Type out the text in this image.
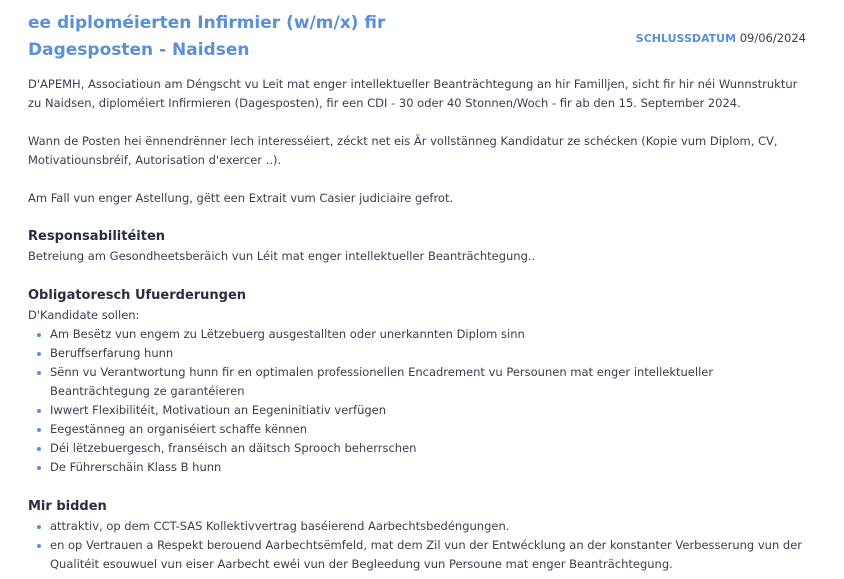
ee diploméierten Infirmier (w/m/x) fir
Dagesposten - Naidsen
SCHLUSSDATUM 09/06/2024

D'APEMH, Associatioun am Déngscht vu Leit mat enger intellektueller Beanträchtegung an hir Familljen, sicht fir hir néi Wunnstruktur zu Naidsen, diploméiert Infirmieren (Dagesposten), fir een CDI - 30 oder 40 Stonnen/Woch - fir ab den 15. September 2024.

Wann de Posten hei ënnendrënner lech interesséiert, zéckt net eis Är vollstänneg Kandidatur ze schécken (Kopie vum Diplom, CV, Motivatiounsbréif, Autorisation d'exercer ..).

Am Fall vun enger Astellung, gëtt een Extrait vum Casier judiciaire gefrot.

Responsabilitéiten

Betreiung am Gesondheetsberäich vun Léit mat enger intellektueller Beanträchtegung..

Obligatoresch Ufuerderungen

D'Kandidate sollen:

Am Besëtz vun engem zu Lëtzebuerg ausgestallten oder unerkannten Diplom sinn
Beruffserfarung hunn
Sënn vu Verantwortung hunn fir en optimalen professionellen Encadrement vu Persounen mat enger intellektueller Beanträchtegung ze garantéieren
Iwwert Flexibilitéit, Motivatioun an Eegeninitiativ verfügen
Eegestänneg an organiséiert schaffe kënnen
Déi lëtzebuergesch, franséisch an däitsch Sprooch beherrschen
De Führerschäin Klass B hunn
Mir bidden
attraktiv, op dem CCT-SAS Kollektivvertrag baséierend Aarbechtsbedéngungen.
en op Vertrauen a Respekt berouend Aarbechtsëmfeld, mat dem Zil vun der Entwécklung an der konstanter Verbesserung vun der Qualitéit esouwuel vun eiser Aarbecht ewéi vun der Begleedung vun Persoune mat enger Beanträchtegung.
